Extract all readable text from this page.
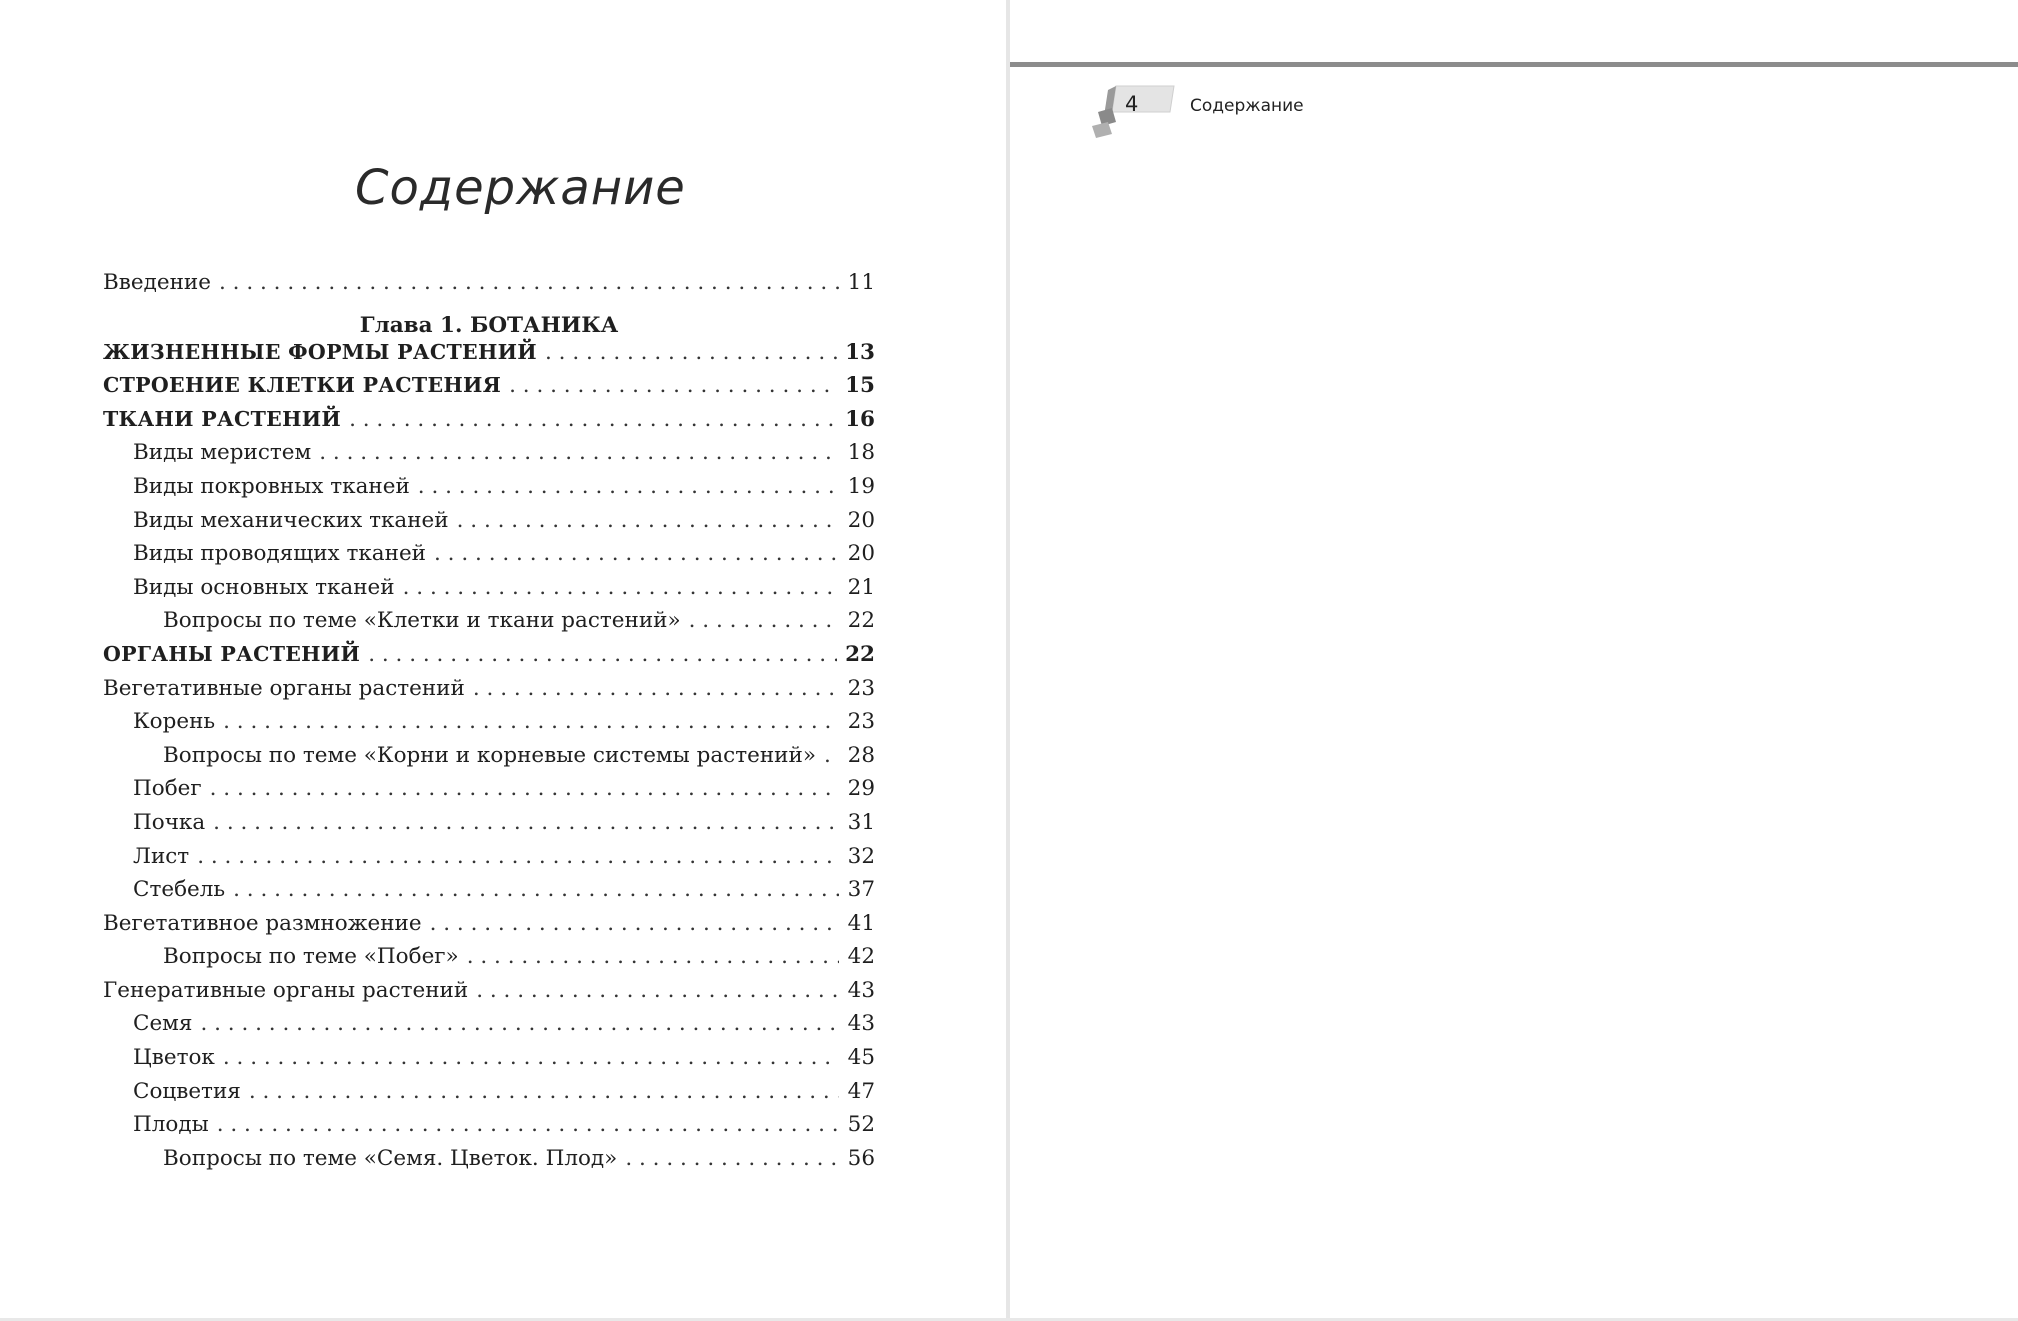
Содержание
Введение . . .	11
Глава 1. БОТАНИКА
ЖИЗНЕННЫЕ ФОРМЫ РАСТЕНИЙ . . .	13
СТРОЕНИЕ КЛЕТКИ РАСТЕНИЯ . . .	15
ТКАНИ РАСТЕНИЙ . . .	16
Виды меристем . . .	18
Виды покровных тканей . . .	19
Виды механических тканей . . .	20
Виды проводящих тканей . . .	20
Виды основных тканей . . .	21
Вопросы по теме «Клетки и ткани растений» . . .	22
ОРГАНЫ РАСТЕНИЙ . . .	22
Вегетативные органы растений . . .	23
Корень . . .	23
Вопросы по теме «Корни и корневые системы растений» . . . 28
Побег . . .	29
Почка . . .	31
Лист . . .	32
Стебель . . .	37
Вегетативное размножение . . .	41
Вопросы по теме «Побег» . . .	42
Генеративные органы растений . . .	43
Семя . . .	43
Цветок . . .	45
Соцветия . . .	47
Плоды . . .	52
Вопросы по теме «Семя. Цветок. Плод» . . .	56
4	Содержание
